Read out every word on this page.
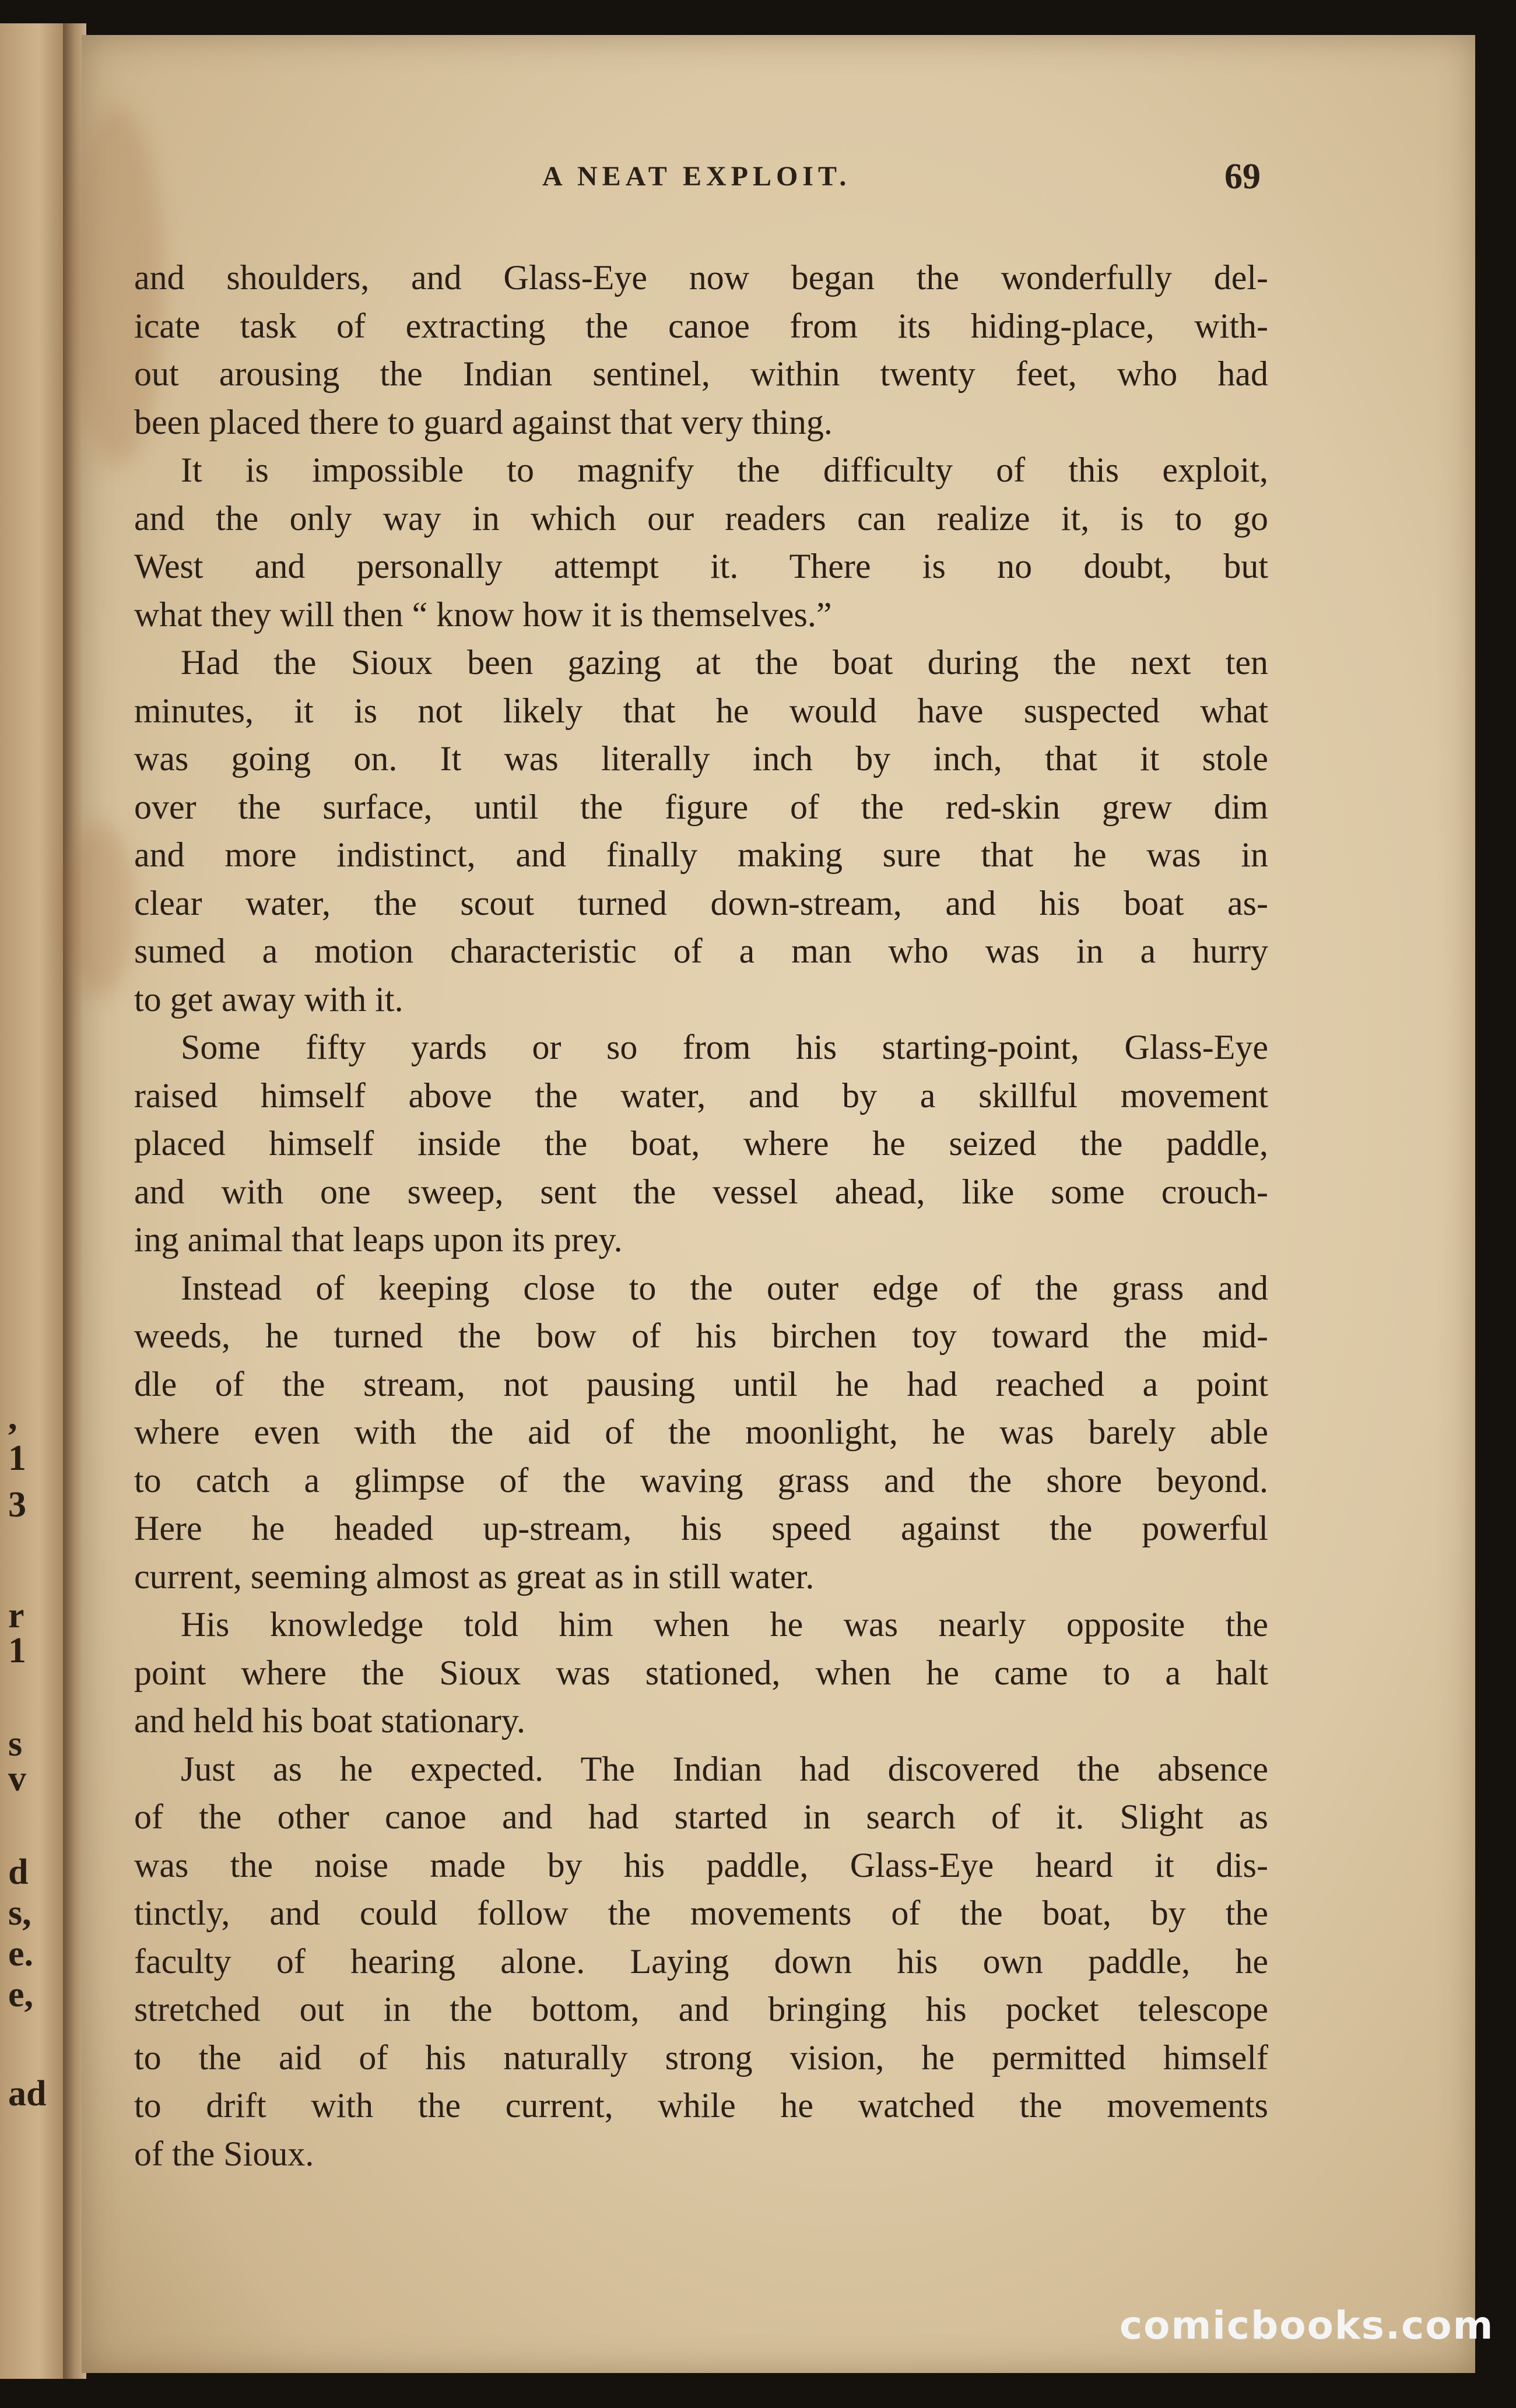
,
1
3
r
1
s
v
d
s,
e.
e,
ad
A NEAT EXPLOIT.	69
and shoulders, and Glass-Eye now began the wonderfully del-
icate task of extracting the canoe from its hiding-place, with-
out arousing the Indian sentinel, within twenty feet, who had
been placed there to guard against that very thing.
It is impossible to magnify the difficulty of this exploit,
and the only way in which our readers can realize it, is to go
West and personally attempt it. There is no doubt, but
what they will then “ know how it is themselves.”
Had the Sioux been gazing at the boat during the next ten
minutes, it is not likely that he would have suspected what
was going on. It was literally inch by inch, that it stole
over the surface, until the figure of the red-skin grew dim
and more indistinct, and finally making sure that he was in
clear water, the scout turned down-stream, and his boat as-
sumed a motion characteristic of a man who was in a hurry
to get away with it.
Some fifty yards or so from his starting-point, Glass-Eye
raised himself above the water, and by a skillful movement
placed himself inside the boat, where he seized the paddle,
and with one sweep, sent the vessel ahead, like some crouch-
ing animal that leaps upon its prey.
Instead of keeping close to the outer edge of the grass and
weeds, he turned the bow of his birchen toy toward the mid-
dle of the stream, not pausing until he had reached a point
where even with the aid of the moonlight, he was barely able
to catch a glimpse of the waving grass and the shore beyond.
Here he headed up-stream, his speed against the powerful
current, seeming almost as great as in still water.
His knowledge told him when he was nearly opposite the
point where the Sioux was stationed, when he came to a halt
and held his boat stationary.
Just as he expected. The Indian had discovered the absence
of the other canoe and had started in search of it. Slight as
was the noise made by his paddle, Glass-Eye heard it dis-
tinctly, and could follow the movements of the boat, by the
faculty of hearing alone. Laying down his own paddle, he
stretched out in the bottom, and bringing his pocket telescope
to the aid of his naturally strong vision, he permitted himself
to drift with the current, while he watched the movements
of the Sioux.
comicbooks.com
